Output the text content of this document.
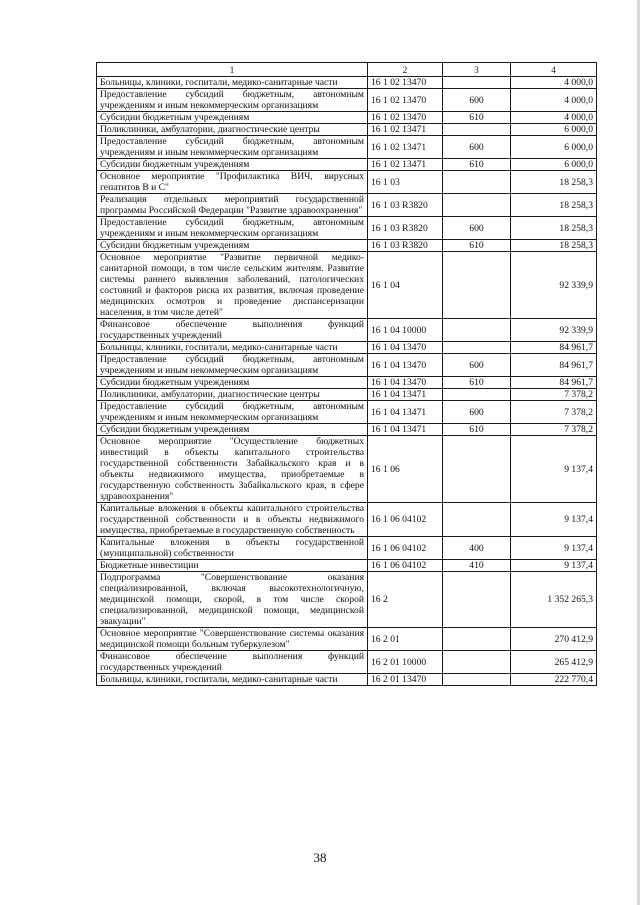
1	2	3	4
Больницы, клиники, госпитали, медико-санитарные части	16 1 02 13470		4 000,0
Предоставление субсидий бюджетным, автономным учреждениям и иным некоммерческим организациям	16 1 02 13470	600	4 000,0
Субсидии бюджетным учреждениям	16 1 02 13470	610	4 000,0
Поликлиники, амбулатории, диагностические центры	16 1 02 13471		6 000,0
Предоставление субсидий бюджетным, автономным учреждениям и иным некоммерческим организациям	16 1 02 13471	600	6 000,0
Субсидии бюджетным учреждениям	16 1 02 13471	610	6 000,0
Основное мероприятие "Профилактика ВИЧ, вирусных гепатитов В и С"	16 1 03		18 258,3
Реализация отдельных мероприятий государственной программы Российской Федерации "Развитие здравоохранения"	16 1 03 R3820		18 258,3
Предоставление субсидий бюджетным, автономным учреждениям и иным некоммерческим организациям	16 1 03 R3820	600	18 258,3
Субсидии бюджетным учреждениям	16 1 03 R3820	610	18 258,3
Основное мероприятие "Развитие первичной медико-санитарной помощи, в том числе сельским жителям. Развитие системы раннего выявления заболеваний, патологических состояний и факторов риска их развития, включая проведение медицинских осмотров и проведение диспансеризации населения, в том числе детей"	16 1 04		92 339,9
Финансовое обеспечение выполнения функций государственных учреждений	16 1 04 10000		92 339,9
Больницы, клиники, госпитали, медико-санитарные части	16 1 04 13470		84 961,7
Предоставление субсидий бюджетным, автономным учреждениям и иным некоммерческим организациям	16 1 04 13470	600	84 961,7
Субсидии бюджетным учреждениям	16 1 04 13470	610	84 961,7
Поликлиники, амбулатории, диагностические центры	16 1 04 13471		7 378,2
Предоставление субсидий бюджетным, автономным учреждениям и иным некоммерческим организациям	16 1 04 13471	600	7 378,2
Субсидии бюджетным учреждениям	16 1 04 13471	610	7 378,2
Основное мероприятие "Осуществление бюджетных инвестиций в объекты капитального строительства государственной собственности Забайкальского края и в объекты недвижимого имущества, приобретаемые в государственную собственность Забайкальского края, в сфере здравоохранения"	16 1 06		9 137,4
Капитальные вложения в объекты капитального строительства государственной собственности и в объекты недвижимого имущества, приобретаемые в государственную собственность	16 1 06 04102		9 137,4
Капитальные вложения в объекты государственной (муниципальной) собственности	16 1 06 04102	400	9 137,4
Бюджетные инвестиции	16 1 06 04102	410	9 137,4
Подпрограмма "Совершенствование оказания специализированной, включая высокотехнологичную, медицинской помощи, скорой, в том числе скорой специализированной, медицинской помощи, медицинской эвакуации"	16 2		1 352 265,3
Основное мероприятие "Совершенствование системы оказания медицинской помощи больным туберкулезом"	16 2 01		270 412,9
Финансовое обеспечение выполнения функций государственных учреждений	16 2 01 10000		265 412,9
Больницы, клиники, госпитали, медико-санитарные части	16 2 01 13470		222 770,4
38
